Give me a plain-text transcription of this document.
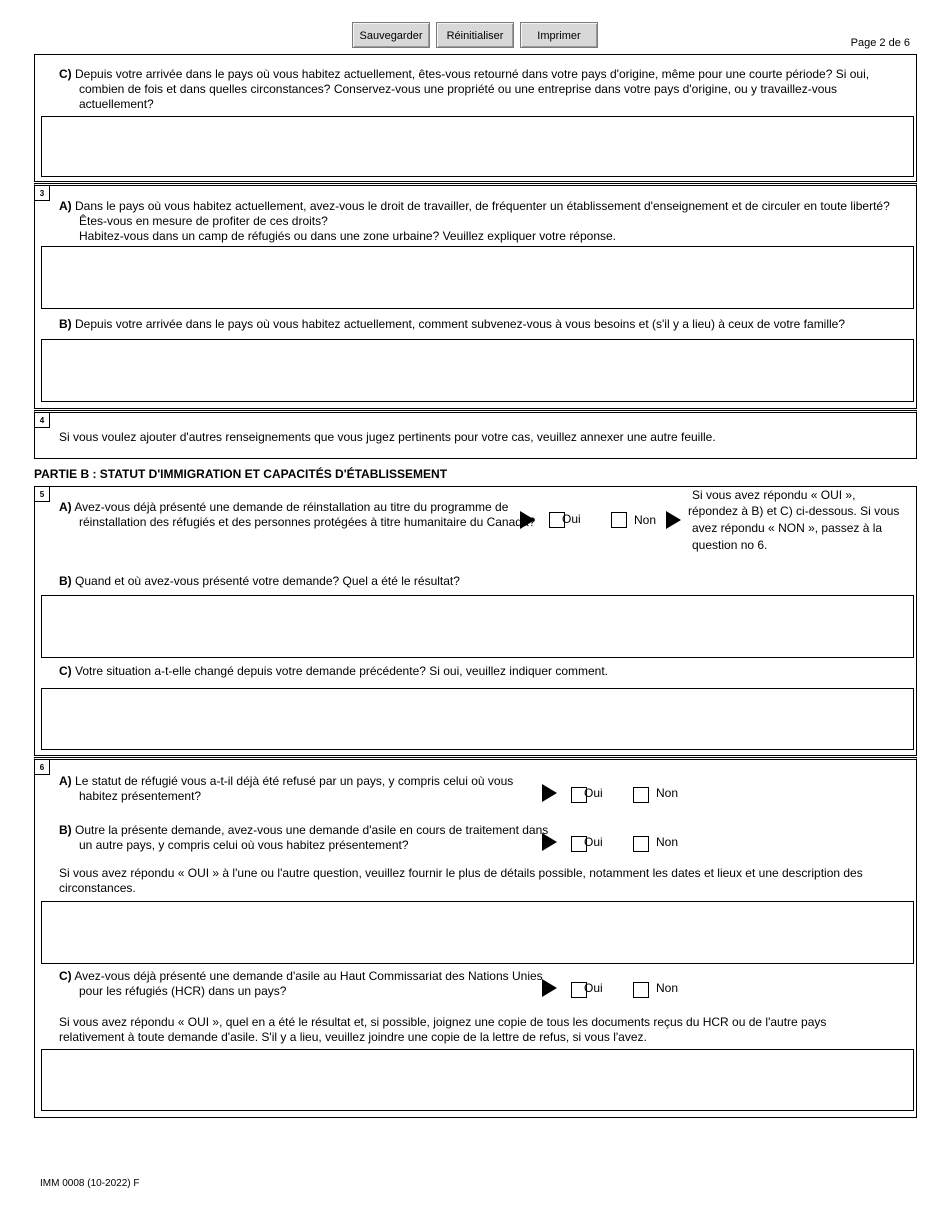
Sauvegarder	Réinitialiser	Imprimer
Page 2 de 6
C) Depuis votre arrivée dans le pays où vous habitez actuellement, êtes-vous retourné dans votre pays d'origine, même pour une courte période? Si oui, combien de fois et dans quelles circonstances? Conservez-vous une propriété ou une entreprise dans votre pays d'origine, ou y travaillez-vous actuellement?
3
A) Dans le pays où vous habitez actuellement, avez-vous le droit de travailler, de fréquenter un établissement d'enseignement et de circuler en toute liberté? Êtes-vous en mesure de profiter de ces droits?
Habitez-vous dans un camp de réfugiés ou dans une zone urbaine? Veuillez expliquer votre réponse.
B) Depuis votre arrivée dans le pays où vous habitez actuellement, comment subvenez-vous à vous besoins et (s'il y a lieu) à ceux de votre famille?
4
Si vous voulez ajouter d'autres renseignements que vous jugez pertinents pour votre cas, veuillez annexer une autre feuille.
PARTIE B : STATUT D'IMMIGRATION ET CAPACITÉS D'ÉTABLISSEMENT
5
A) Avez-vous déjà présenté une demande de réinstallation au titre du programme de réinstallation des réfugiés et des personnes protégées à titre humanitaire du Canada?	Oui	Non
Si vous avez répondu « OUI »,
répondez à B) et C) ci-dessous. Si vous avez répondu « NON », passez à la question no 6.
B) Quand et où avez-vous présenté votre demande? Quel a été le résultat?
C) Votre situation a-t-elle changé depuis votre demande précédente? Si oui, veuillez indiquer comment.
6
A) Le statut de réfugié vous a-t-il déjà été refusé par un pays, y compris celui où vous habitez présentement?	Oui	Non
B) Outre la présente demande, avez-vous une demande d'asile en cours de traitement dans un autre pays, y compris celui où vous habitez présentement?	Oui	Non
Si vous avez répondu « OUI » à l'une ou l'autre question, veuillez fournir le plus de détails possible, notamment les dates et lieux et une description des circonstances.
C) Avez-vous déjà présenté une demande d'asile au Haut Commissariat des Nations Unies pour les réfugiés (HCR) dans un pays?	Oui	Non
Si vous avez répondu « OUI », quel en a été le résultat et, si possible, joignez une copie de tous les documents reçus du HCR ou de l'autre pays relativement à toute demande d'asile. S'il y a lieu, veuillez joindre une copie de la lettre de refus, si vous l'avez.
IMM 0008 (10-2022) F
